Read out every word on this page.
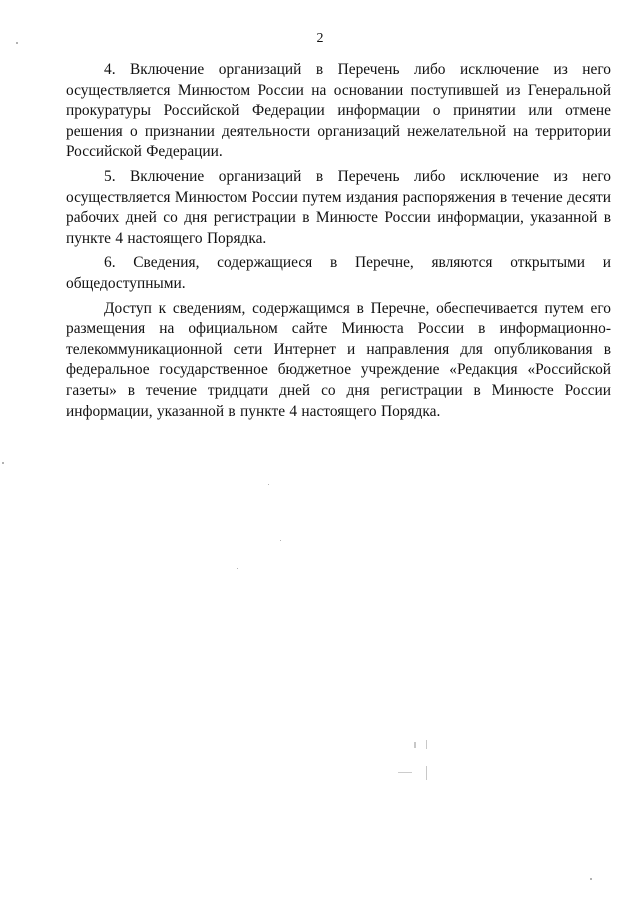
2

4. Включение организаций в Перечень либо исключение из него осуществляется Минюстом России на основании поступившей из Генеральной прокуратуры Российской Федерации информации о принятии или отмене решения о признании деятельности организаций нежелательной на территории Российской Федерации.

5. Включение организаций в Перечень либо исключение из него осуществляется Минюстом России путем издания распоряжения в течение десяти рабочих дней со дня регистрации в Минюсте России информации, указанной в пункте 4 настоящего Порядка.

6. Сведения, содержащиеся в Перечне, являются открытыми и общедоступными.

Доступ к сведениям, содержащимся в Перечне, обеспечивается путем его размещения на официальном сайте Минюста России в информационно-телекоммуникационной сети Интернет и направления для опубликования в федеральное государственное бюджетное учреждение «Редакция «Российской газеты» в течение тридцати дней со дня регистрации в Минюсте России информации, указанной в пункте 4 настоящего Порядка.
